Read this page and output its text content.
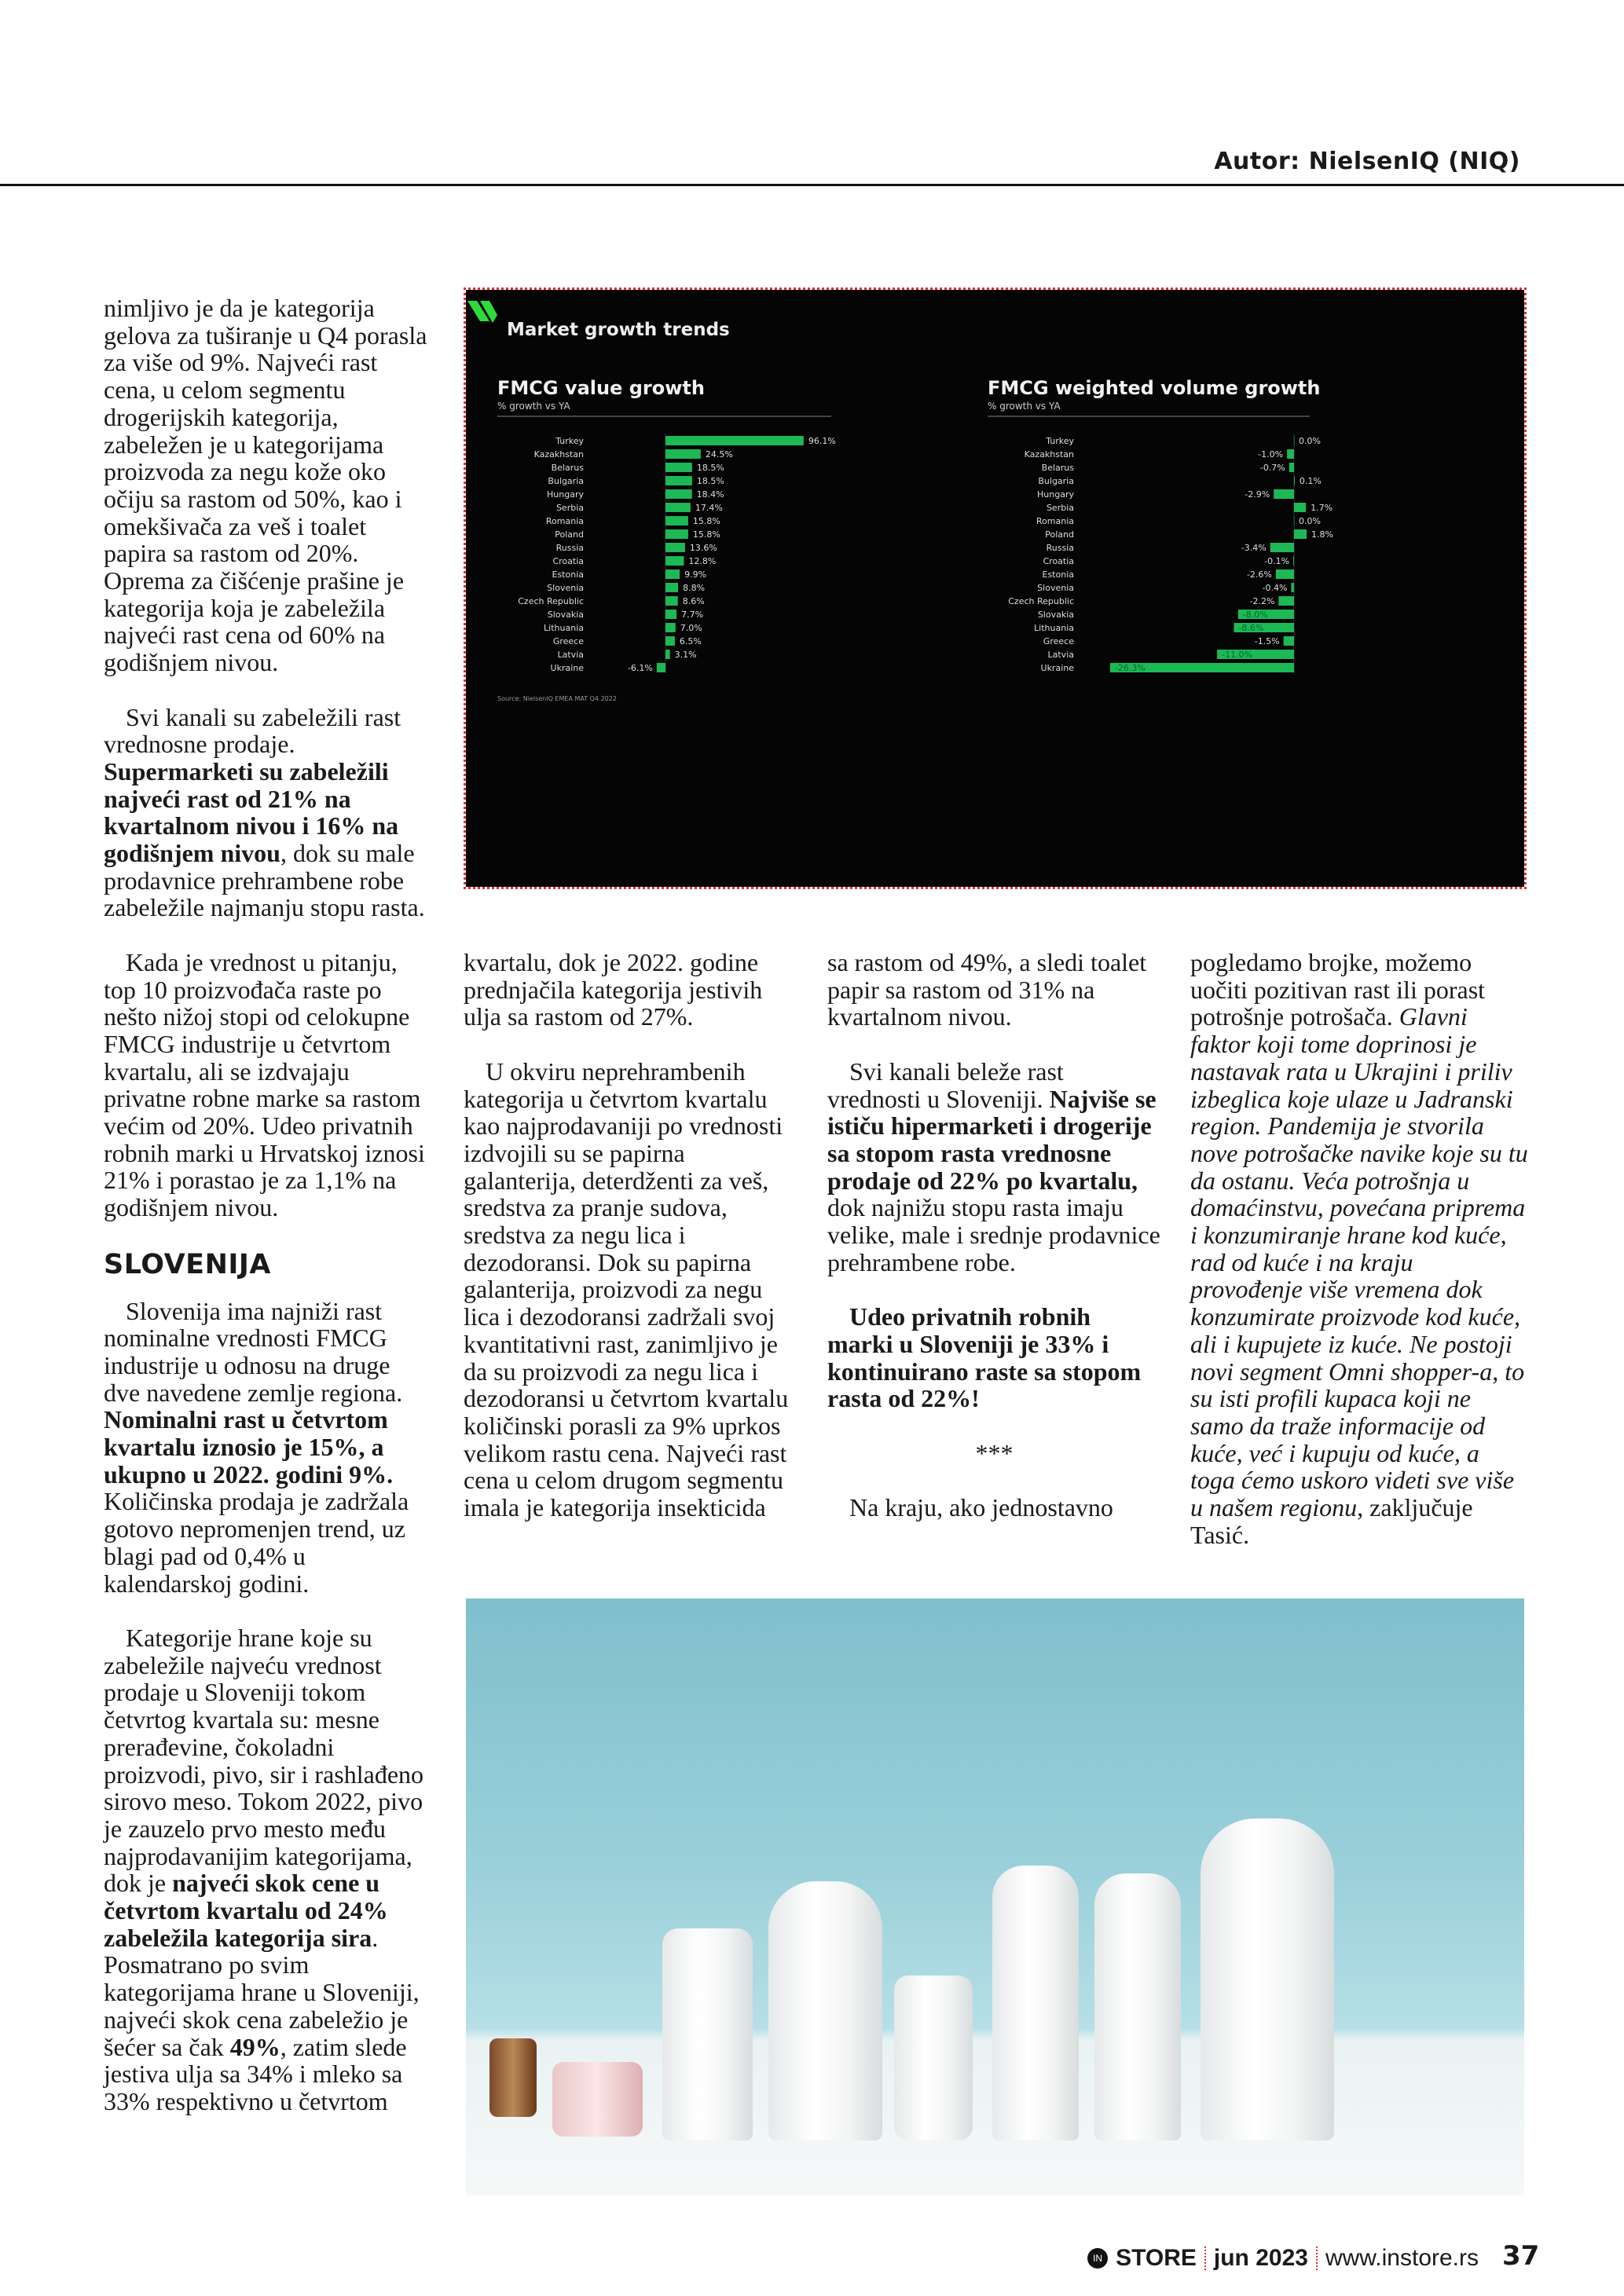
Autor: NielsenIQ (NIQ)

nimljivo je da je kategorija gelova za tuširanje u Q4 porasla za više od 9%. Najveći rast cena, u celom segmentu drogerijskih kategorija, zabeležen je u kategorijama proizvoda za negu kože oko očiju sa rastom od 50%, kao i omekšivača za veš i toalet papira sa rastom od 20%. Oprema za čišćenje prašine je kategorija koja je zabeležila najveći rast cena od 60% na godišnjem nivou.

Svi kanali su zabeležili rast vrednosne prodaje. Supermarketi su zabeležili najveći rast od 21% na kvartalnom nivou i 16% na godišnjem nivou, dok su male prodavnice prehrambene robe zabeležile najmanju stopu rasta.

Kada je vrednost u pitanju, top 10 proizvođača raste po nešto nižoj stopi od celokupne FMCG industrije u četvrtom kvartalu, ali se izdvajaju privatne robne marke sa rastom većim od 20%. Udeo privatnih robnih marki u Hrvatskoj iznosi 21% i porastao je za 1,1% na godišnjem nivou.

SLOVENIJA

Slovenija ima najniži rast nominalne vrednosti FMCG industrije u odnosu na druge dve navedene zemlje regiona. Nominalni rast u četvrtom kvartalu iznosio je 15%, a ukupno u 2022. godini 9%. Količinska prodaja je zadržala gotovo nepromenjen trend, uz blagi pad od 0,4% u kalendarskoj godini.

Kategorije hrane koje su zabeležile najveću vrednost prodaje u Sloveniji tokom četvrtog kvartala su: mesne prerađevine, čokoladni proizvodi, pivo, sir i rashlađeno sirovo meso. Tokom 2022, pivo je zauzelo prvo mesto među najprodavanijim kategorijama, dok je najveći skok cene u četvrtom kvartalu od 24% zabeležila kategorija sira. Posmatrano po svim kategorijama hrane u Sloveniji, najveći skok cena zabeležio je šećer sa čak 49%, zatim slede jestiva ulja sa 34% i mleko sa 33% respektivno u četvrtom

Market growth trends
FMCG value growth
% growth vs YA
Turkey	96.1%
Kazakhstan	24.5%
Belarus	18.5%
Bulgaria	18.5%
Hungary	18.4%
Serbia	17.4%
Romania	15.8%
Poland	15.8%
Russia	13.6%
Croatia	12.8%
Estonia	9.9%
Slovenia	8.8%
Czech Republic	8.6%
Slovakia	7.7%
Lithuania	7.0%
Greece	6.5%
Latvia	3.1%
Ukraine	-6.1%
FMCG weighted volume growth
% growth vs YA
Turkey	0.0%
Kazakhstan	-1.0%
Belarus	-0.7%
Bulgaria	0.1%
Hungary	-2.9%
Serbia	1.7%
Romania	0.0%
Poland	1.8%
Russia	-3.4%
Croatia	-0.1%
Estonia	-2.6%
Slovenia	-0.4%
Czech Republic	-2.2%
Slovakia	-8.0%
Lithuania	-8.6%
Greece	-1.5%
Latvia	-11.0%
Ukraine	-26.3%
Source: NielsenIQ EMEA MAT Q4 2022

kvartalu, dok je 2022. godine prednjačila kategorija jestivih ulja sa rastom od 27%.

U okviru neprehrambenih kategorija u četvrtom kvartalu kao najprodavaniji po vrednosti izdvojili su se papirna galanterija, deterdženti za veš, sredstva za pranje sudova, sredstva za negu lica i dezodoransi. Dok su papirna galanterija, proizvodi za negu lica i dezodoransi zadržali svoj kvantitativni rast, zanimljivo je da su proizvodi za negu lica i dezodoransi u četvrtom kvartalu količinski porasli za 9% uprkos velikom rastu cena. Najveći rast cena u celom drugom segmentu imala je kategorija insekticida

sa rastom od 49%, a sledi toalet papir sa rastom od 31% na kvartalnom nivou.

Svi kanali beleže rast vrednosti u Sloveniji. Najviše se ističu hipermarketi i drogerije sa stopom rasta vrednosne prodaje od 22% po kvartalu, dok najnižu stopu rasta imaju velike, male i srednje prodavnice prehrambene robe.

Udeo privatnih robnih marki u Sloveniji je 33% i kontinuirano raste sa stopom rasta od 22%!

***

Na kraju, ako jednostavno

pogledamo brojke, možemo uočiti pozitivan rast ili porast potrošnje potrošača. Glavni faktor koji tome doprinosi je nastavak rata u Ukrajini i priliv izbeglica koje ulaze u Jadranski region. Pandemija je stvorila nove potrošačke navike koje su tu da ostanu. Veća potrošnja u domaćinstvu, povećana priprema i konzumiranje hrane kod kuće, rad od kuće i na kraju provođenje više vremena dok konzumirate proizvode kod kuće, ali i kupujete iz kuće. Ne postoji novi segment Omni shopper-a, to su isti profili kupaca koji ne samo da traže informacije od kuće, već i kupuju od kuće, a toga ćemo uskoro videti sve više u našem regionu, zaključuje Tasić.

IN STORE jun 2023 www.instore.rs 37
